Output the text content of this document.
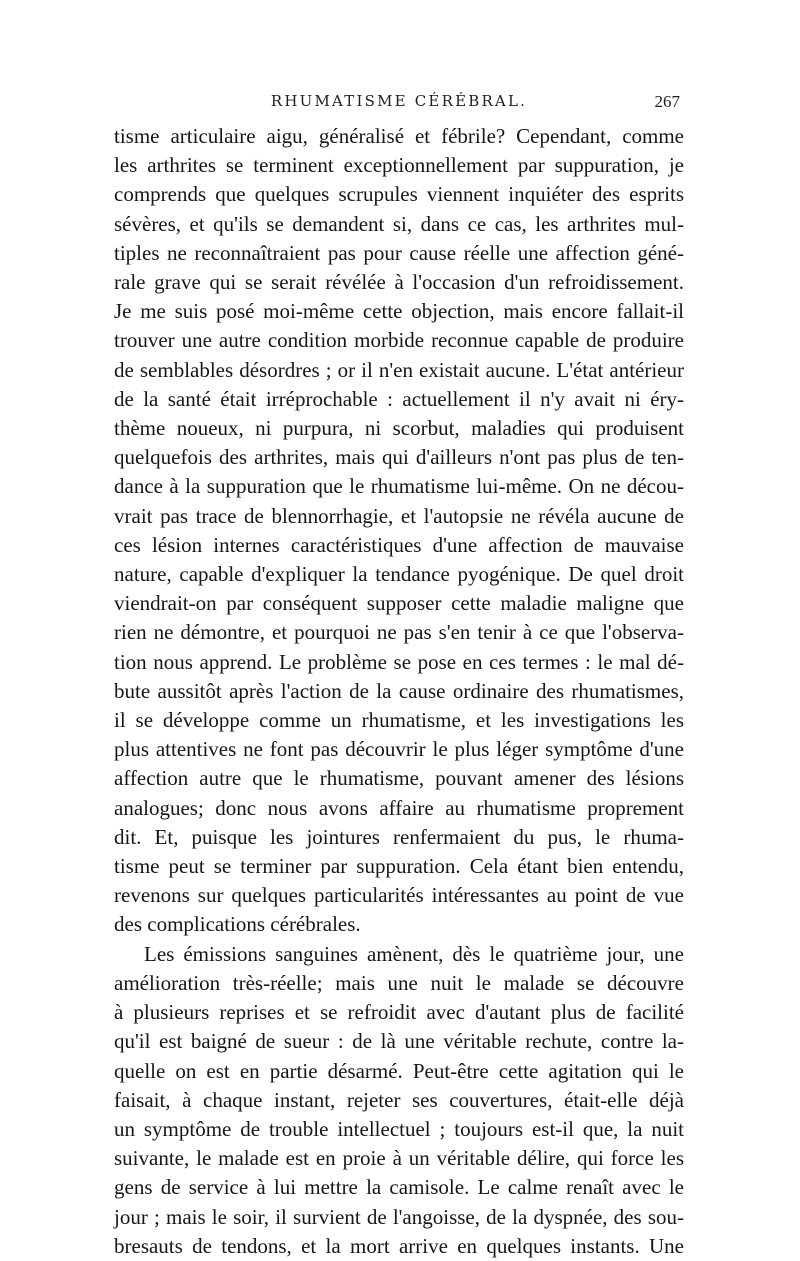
RHUMATISME CÉRÉBRAL.	267

tisme articulaire aigu, généralisé et fébrile? Cependant, comme
les arthrites se terminent exceptionnellement par suppuration, je
comprends que quelques scrupules viennent inquiéter des esprits
sévères, et qu'ils se demandent si, dans ce cas, les arthrites mul-
tiples ne reconnaîtraient pas pour cause réelle une affection géné-
rale grave qui se serait révélée à l'occasion d'un refroidissement.
Je me suis posé moi-même cette objection, mais encore fallait-il
trouver une autre condition morbide reconnue capable de produire
de semblables désordres ; or il n'en existait aucune. L'état antérieur
de la santé était irréprochable : actuellement il n'y avait ni éry-
thème noueux, ni purpura, ni scorbut, maladies qui produisent
quelquefois des arthrites, mais qui d'ailleurs n'ont pas plus de ten-
dance à la suppuration que le rhumatisme lui-même. On ne décou-
vrait pas trace de blennorrhagie, et l'autopsie ne révéla aucune de
ces lésion internes caractéristiques d'une affection de mauvaise
nature, capable d'expliquer la tendance pyogénique. De quel droit
viendrait-on par conséquent supposer cette maladie maligne que
rien ne démontre, et pourquoi ne pas s'en tenir à ce que l'observa-
tion nous apprend. Le problème se pose en ces termes : le mal dé-
bute aussitôt après l'action de la cause ordinaire des rhumatismes,
il se développe comme un rhumatisme, et les investigations les
plus attentives ne font pas découvrir le plus léger symptôme d'une
affection autre que le rhumatisme, pouvant amener des lésions
analogues; donc nous avons affaire au rhumatisme proprement
dit. Et, puisque les jointures renfermaient du pus, le rhuma-
tisme peut se terminer par suppuration. Cela étant bien entendu,
revenons sur quelques particularités intéressantes au point de vue
des complications cérébrales.

Les émissions sanguines amènent, dès le quatrième jour, une
amélioration très-réelle; mais une nuit le malade se découvre
à plusieurs reprises et se refroidit avec d'autant plus de facilité
qu'il est baigné de sueur : de là une véritable rechute, contre la-
quelle on est en partie désarmé. Peut-être cette agitation qui le
faisait, à chaque instant, rejeter ses couvertures, était-elle déjà
un symptôme de trouble intellectuel ; toujours est-il que, la nuit
suivante, le malade est en proie à un véritable délire, qui force les
gens de service à lui mettre la camisole. Le calme renaît avec le
jour ; mais le soir, il survient de l'angoisse, de la dyspnée, des sou-
bresauts de tendons, et la mort arrive en quelques instants. Une
